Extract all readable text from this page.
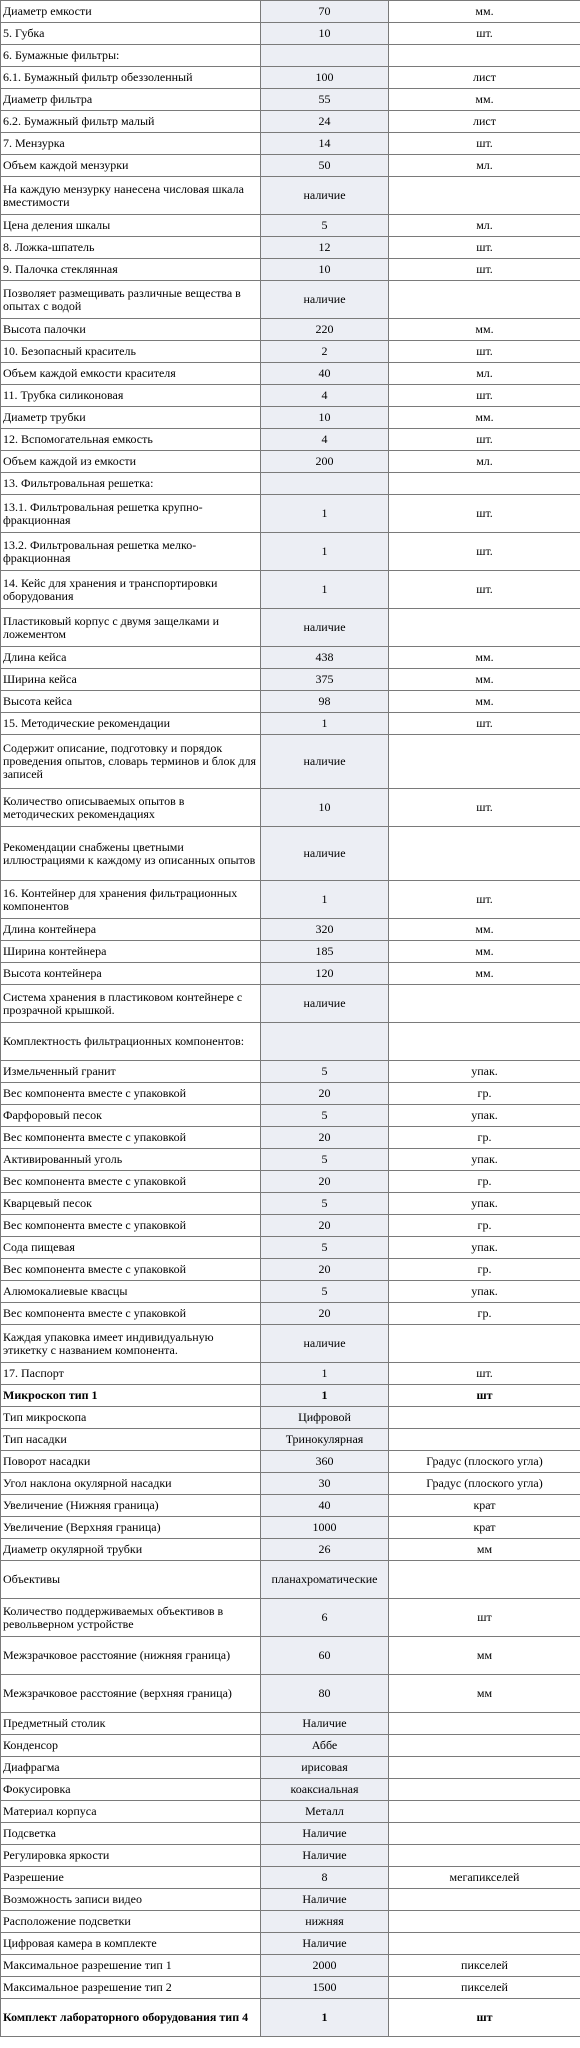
Диаметр емкости	70	мм.
5. Губка	10	шт.
6. Бумажные фильтры:		
6.1. Бумажный фильтр обеззоленный	100	лист
Диаметр фильтра	55	мм.
6.2. Бумажный фильтр малый	24	лист
7. Мензурка	14	шт.
Объем каждой мензурки	50	мл.
На каждую мензурку нанесена числовая шкала вместимости	наличие	
Цена деления шкалы	5	мл.
8. Ложка-шпатель	12	шт.
9. Палочка стеклянная	10	шт.
Позволяет размещивать различные вещества в опытах с водой	наличие	
Высота палочки	220	мм.
10. Безопасный краситель	2	шт.
Объем каждой емкости красителя	40	мл.
11. Трубка силиконовая	4	шт.
Диаметр трубки	10	мм.
12. Вспомогательная емкость	4	шт.
Объем каждой из емкости	200	мл.
13. Фильтровальная решетка:		
13.1. Фильтровальная решетка крупно-фракционная	1	шт.
13.2. Фильтровальная решетка мелко-фракционная	1	шт.
14. Кейс для хранения и транспортировки оборудования	1	шт.
Пластиковый корпус с двумя защелками и ложементом	наличие	
Длина кейса	438	мм.
Ширина кейса	375	мм.
Высота кейса	98	мм.
15. Методические рекомендации	1	шт.
Содержит описание, подготовку и порядок проведения опытов, словарь терминов и блок для записей	наличие	
Количество описываемых опытов в методических рекомендациях	10	шт.
Рекомендации снабжены цветными иллюстрациями к каждому из описанных опытов	наличие	
16. Контейнер для хранения фильтрационных компонентов	1	шт.
Длина контейнера	320	мм.
Ширина контейнера	185	мм.
Высота контейнера	120	мм.
Система хранения в пластиковом контейнере с прозрачной крышкой.	наличие	
Комплектность фильтрационных компонентов:		
Измельченный гранит	5	упак.
Вес компонента вместе с упаковкой	20	гр.
Фарфоровый песок	5	упак.
Вес компонента вместе с упаковкой	20	гр.
Активированный уголь	5	упак.
Вес компонента вместе с упаковкой	20	гр.
Кварцевый песок	5	упак.
Вес компонента вместе с упаковкой	20	гр.
Сода пищевая	5	упак.
Вес компонента вместе с упаковкой	20	гр.
Алюмокалиевые квасцы	5	упак.
Вес компонента вместе с упаковкой	20	гр.
Каждая упаковка имеет индивидуальную этикетку с названием компонента.	наличие	
17. Паспорт	1	шт.
Микроскоп тип 1	1	шт
Тип микроскопа	Цифровой	
Тип насадки	Тринокулярная	
Поворот насадки	360	Градус (плоского угла)
Угол наклона окулярной насадки	30	Градус (плоского угла)
Увеличение (Нижняя граница)	40	крат
Увеличение (Верхняя граница)	1000	крат
Диаметр окулярной трубки	26	мм
Объективы	планахроматические	
Количество поддерживаемых объективов в револьверном устройстве	6	шт
Межзрачковое расстояние (нижняя граница)	60	мм
Межзрачковое расстояние (верхняя граница)	80	мм
Предметный столик	Наличие	
Конденсор	Аббе	
Диафрагма	ирисовая	
Фокусировка	коаксиальная	
Материал корпуса	Металл	
Подсветка	Наличие	
Регулировка яркости	Наличие	
Разрешение	8	мегапикселей
Возможность записи видео	Наличие	
Расположение подсветки	нижняя	
Цифровая камера в комплекте	Наличие	
Максимальное разрешение тип 1	2000	пикселей
Максимальное разрешение тип 2	1500	пикселей
Комплект лабораторного оборудования тип 4	1	шт
